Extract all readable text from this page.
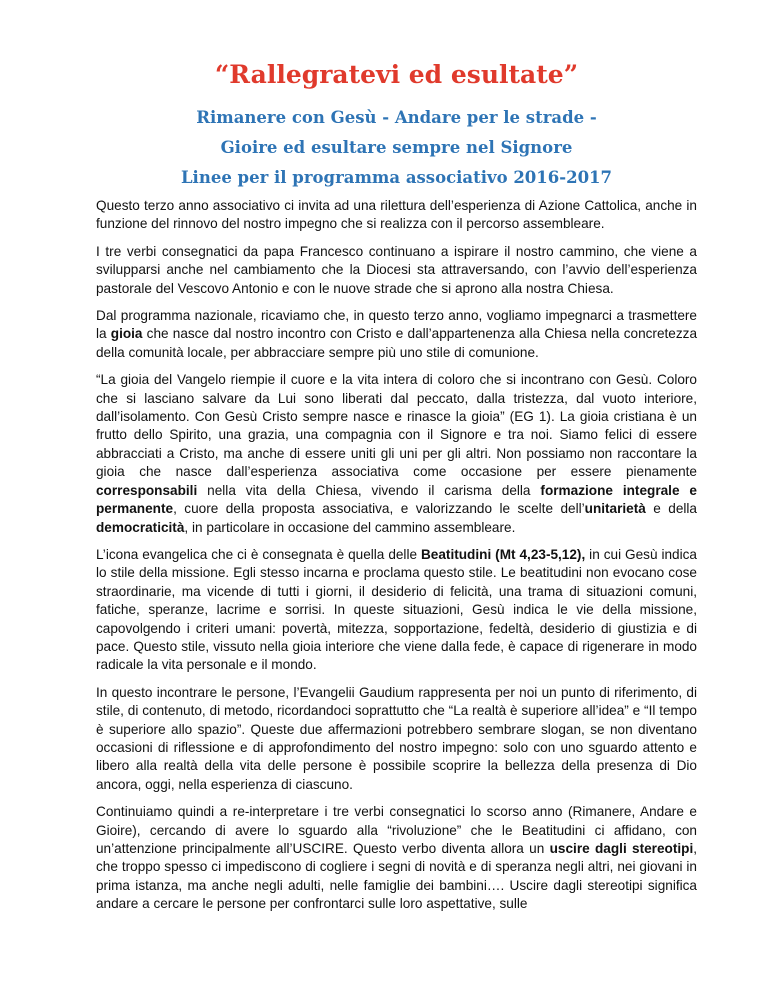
“Rallegratevi ed esultate”
Rimanere con Gesù - Andare per le strade -
Gioire ed esultare sempre nel Signore
Linee per il programma associativo 2016-2017

Questo terzo anno associativo ci invita ad una rilettura dell’esperienza di Azione Cattolica, anche in funzione del rinnovo del nostro impegno che si realizza con il percorso assembleare.

I tre verbi consegnatici da papa Francesco continuano a ispirare il nostro cammino, che viene a svilupparsi anche nel cambiamento che la Diocesi sta attraversando, con l’avvio dell’esperienza pastorale del Vescovo Antonio e con le nuove strade che si aprono alla nostra Chiesa.

Dal programma nazionale, ricaviamo che, in questo terzo anno, vogliamo impegnarci a trasmettere la gioia che nasce dal nostro incontro con Cristo e dall’appartenenza alla Chiesa nella concretezza della comunità locale, per abbracciare sempre più uno stile di comunione.

“La gioia del Vangelo riempie il cuore e la vita intera di coloro che si incontrano con Gesù. Coloro che si lasciano salvare da Lui sono liberati dal peccato, dalla tristezza, dal vuoto interiore, dall’isolamento. Con Gesù Cristo sempre nasce e rinasce la gioia” (EG 1). La gioia cristiana è un frutto dello Spirito, una grazia, una compagnia con il Signore e tra noi. Siamo felici di essere abbracciati a Cristo, ma anche di essere uniti gli uni per gli altri. Non possiamo non raccontare la gioia che nasce dall’esperienza associativa come occasione per essere pienamente corresponsabili nella vita della Chiesa, vivendo il carisma della formazione integrale e permanente, cuore della proposta associativa, e valorizzando le scelte dell’unitarietà e della democraticità, in particolare in occasione del cammino assembleare.

L’icona evangelica che ci è consegnata è quella delle Beatitudini (Mt 4,23-5,12), in cui Gesù indica lo stile della missione. Egli stesso incarna e proclama questo stile. Le beatitudini non evocano cose straordinarie, ma vicende di tutti i giorni, il desiderio di felicità, una trama di situazioni comuni, fatiche, speranze, lacrime e sorrisi. In queste situazioni, Gesù indica le vie della missione, capovolgendo i criteri umani: povertà, mitezza, sopportazione, fedeltà, desiderio di giustizia e di pace. Questo stile, vissuto nella gioia interiore che viene dalla fede, è capace di rigenerare in modo radicale la vita personale e il mondo.

In questo incontrare le persone, l’Evangelii Gaudium rappresenta per noi un punto di riferimento, di stile, di contenuto, di metodo, ricordandoci soprattutto che “La realtà è superiore all’idea” e “Il tempo è superiore allo spazio”. Queste due affermazioni potrebbero sembrare slogan, se non diventano occasioni di riflessione e di approfondimento del nostro impegno: solo con uno sguardo attento e libero alla realtà della vita delle persone è possibile scoprire la bellezza della presenza di Dio ancora, oggi, nella esperienza di ciascuno.

Continuiamo quindi a re-interpretare i tre verbi consegnatici lo scorso anno (Rimanere, Andare e Gioire), cercando di avere lo sguardo alla “rivoluzione” che le Beatitudini ci affidano, con un’attenzione principalmente all’USCIRE. Questo verbo diventa allora un uscire dagli stereotipi, che troppo spesso ci impediscono di cogliere i segni di novità e di speranza negli altri, nei giovani in prima istanza, ma anche negli adulti, nelle famiglie dei bambini…. Uscire dagli stereotipi significa andare a cercare le persone per confrontarci sulle loro aspettative, sulle
